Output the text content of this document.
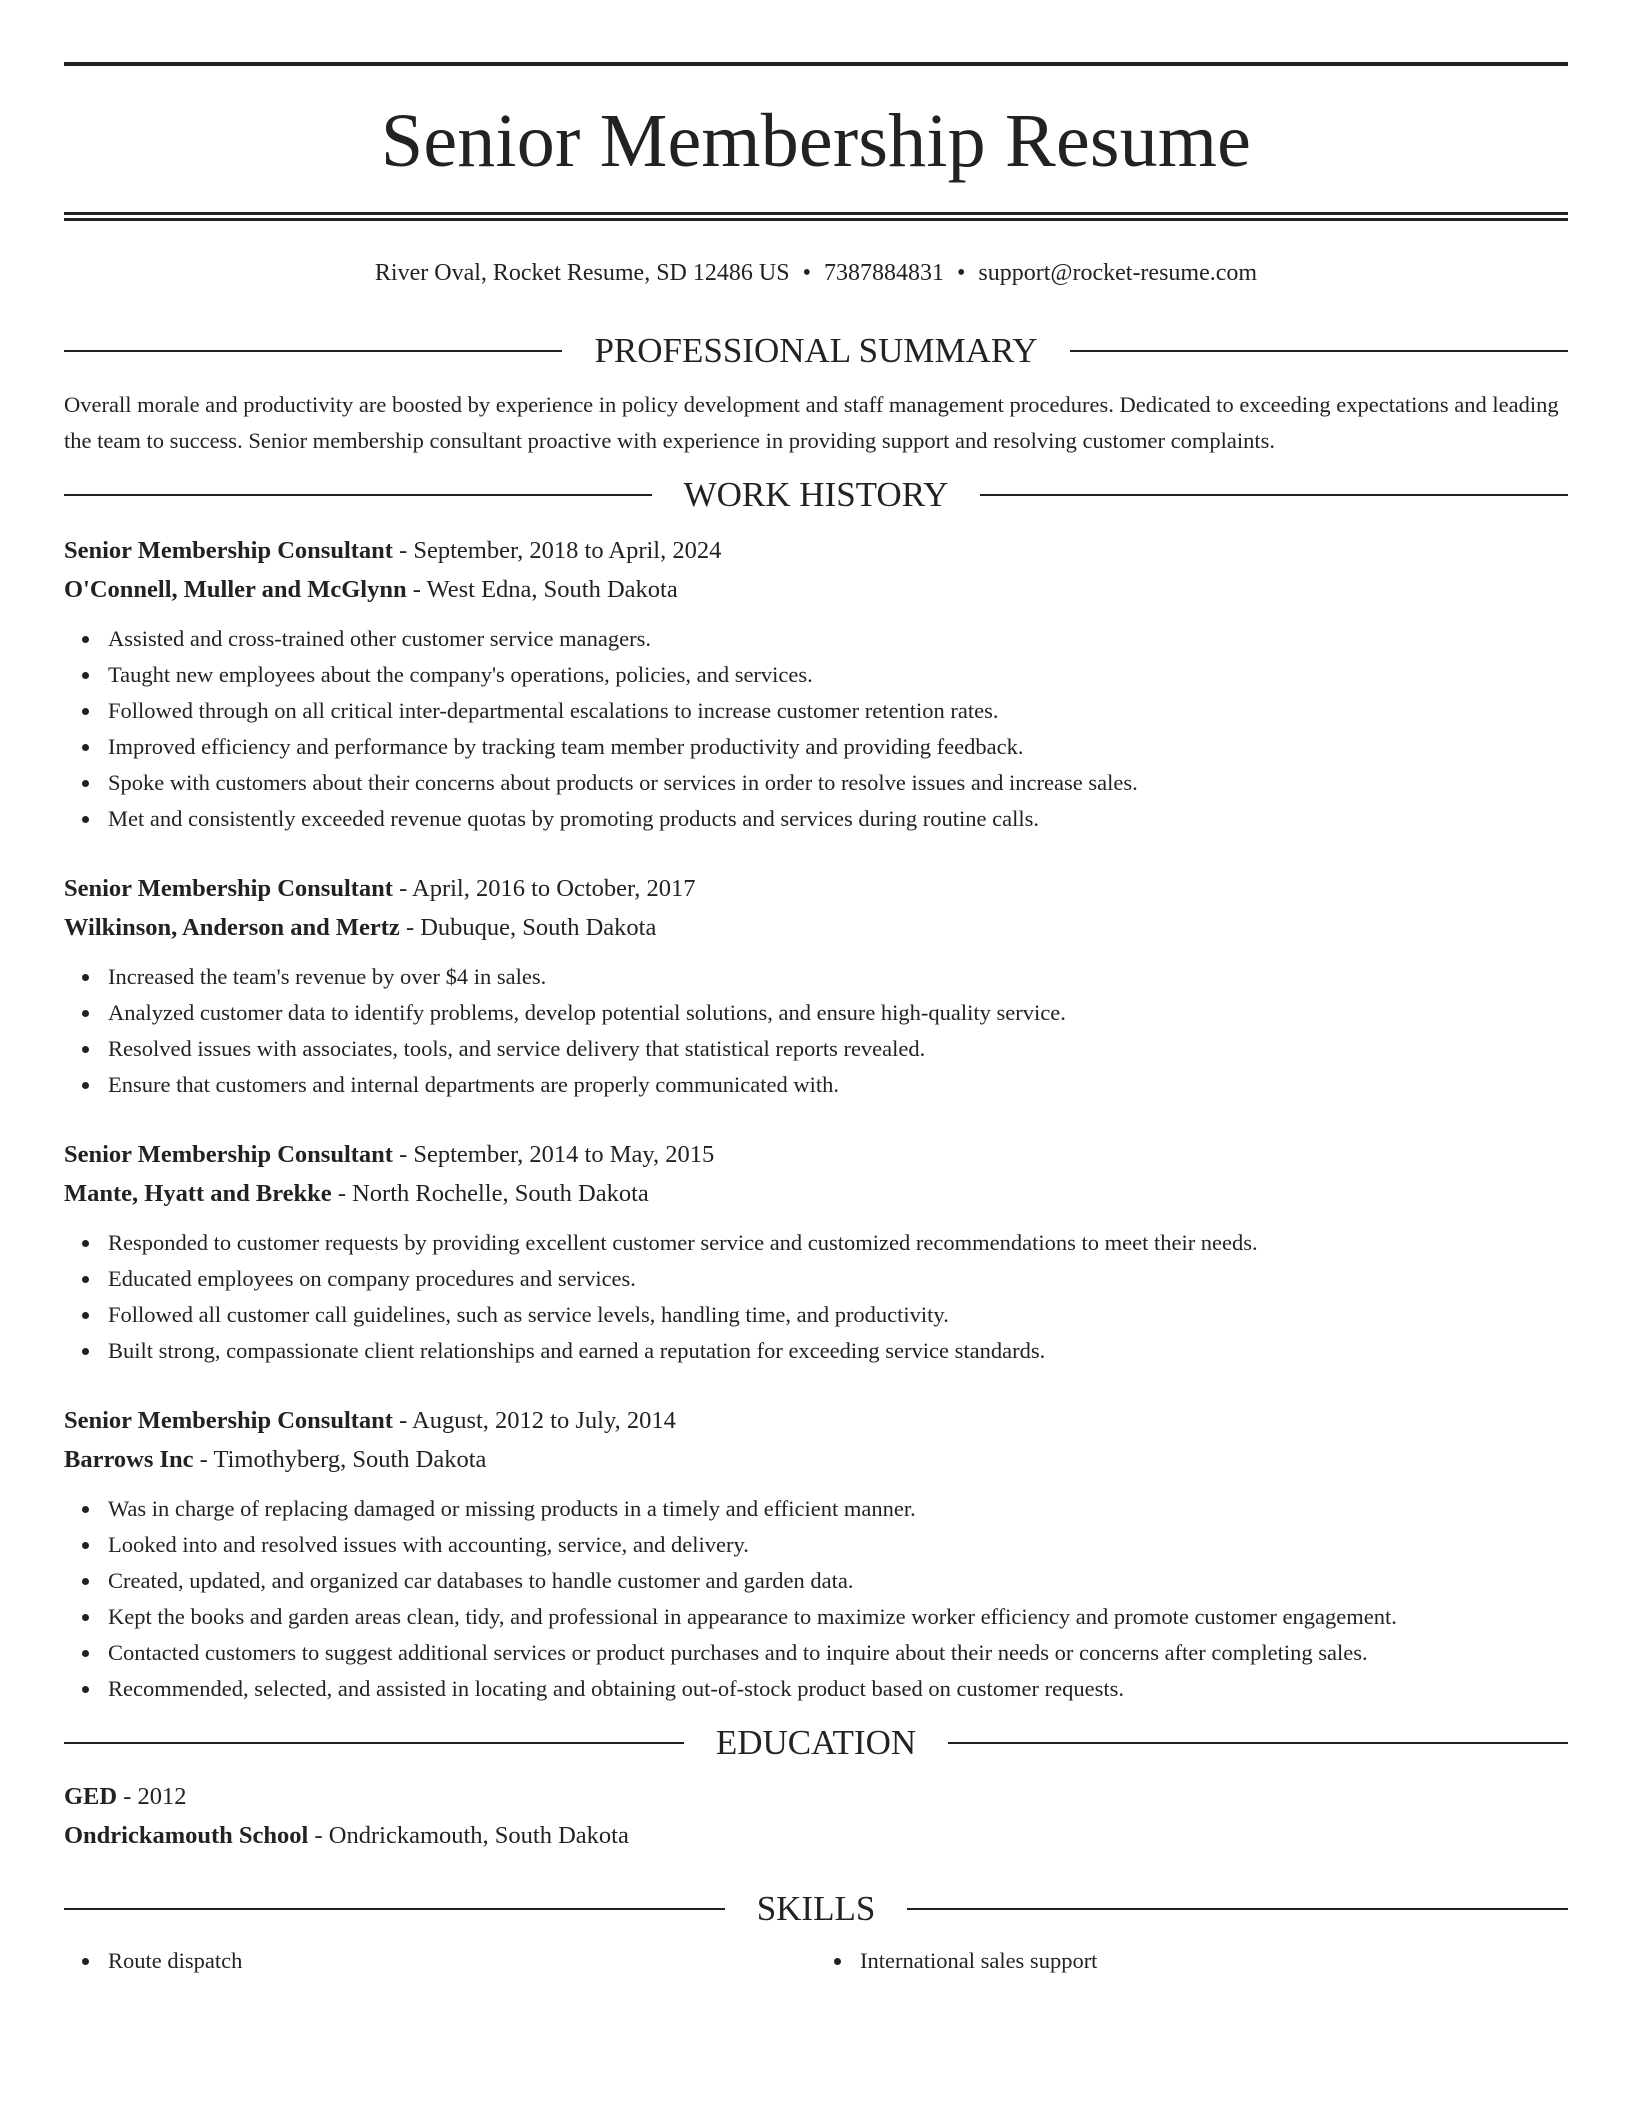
Senior Membership Resume
River Oval, Rocket Resume, SD 12486 US • 7387884831 • support@rocket-resume.com
PROFESSIONAL SUMMARY

Overall morale and productivity are boosted by experience in policy development and staff management procedures. Dedicated to exceeding expectations and leading the team to success. Senior membership consultant proactive with experience in providing support and resolving customer complaints.

WORK HISTORY
Senior Membership Consultant - September, 2018 to April, 2024
O'Connell, Muller and McGlynn - West Edna, South Dakota
Assisted and cross-trained other customer service managers.
Taught new employees about the company's operations, policies, and services.
Followed through on all critical inter-departmental escalations to increase customer retention rates.
Improved efficiency and performance by tracking team member productivity and providing feedback.
Spoke with customers about their concerns about products or services in order to resolve issues and increase sales.
Met and consistently exceeded revenue quotas by promoting products and services during routine calls.
Senior Membership Consultant - April, 2016 to October, 2017
Wilkinson, Anderson and Mertz - Dubuque, South Dakota
Increased the team's revenue by over $4 in sales.
Analyzed customer data to identify problems, develop potential solutions, and ensure high-quality service.
Resolved issues with associates, tools, and service delivery that statistical reports revealed.
Ensure that customers and internal departments are properly communicated with.
Senior Membership Consultant - September, 2014 to May, 2015
Mante, Hyatt and Brekke - North Rochelle, South Dakota
Responded to customer requests by providing excellent customer service and customized recommendations to meet their needs.
Educated employees on company procedures and services.
Followed all customer call guidelines, such as service levels, handling time, and productivity.
Built strong, compassionate client relationships and earned a reputation for exceeding service standards.
Senior Membership Consultant - August, 2012 to July, 2014
Barrows Inc - Timothyberg, South Dakota
Was in charge of replacing damaged or missing products in a timely and efficient manner.
Looked into and resolved issues with accounting, service, and delivery.
Created, updated, and organized car databases to handle customer and garden data.
Kept the books and garden areas clean, tidy, and professional in appearance to maximize worker efficiency and promote customer engagement.
Contacted customers to suggest additional services or product purchases and to inquire about their needs or concerns after completing sales.
Recommended, selected, and assisted in locating and obtaining out-of-stock product based on customer requests.
EDUCATION
GED - 2012
Ondrickamouth School - Ondrickamouth, South Dakota
SKILLS
Route dispatch	International sales support
